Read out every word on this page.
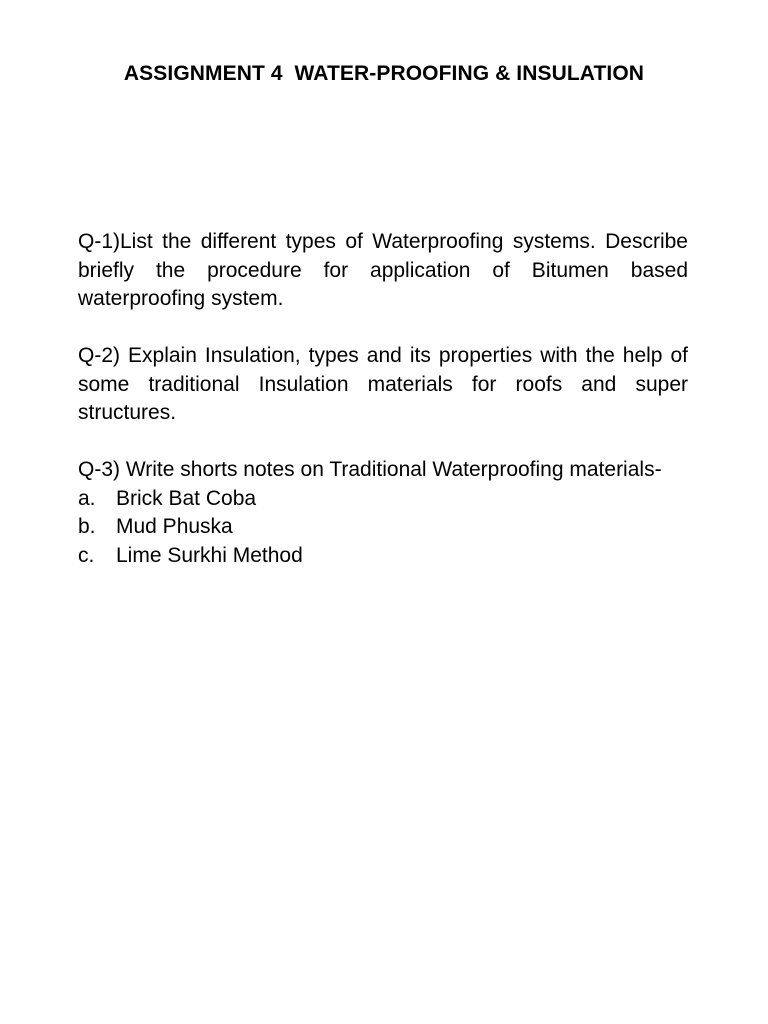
ASSIGNMENT 4  WATER-PROOFING & INSULATION

Q-1)List the different types of Waterproofing systems. Describe briefly the procedure for application of Bitumen based waterproofing system.

Q-2) Explain Insulation, types and its properties with the help of some traditional Insulation materials for roofs and super structures.

Q-3) Write shorts notes on Traditional Waterproofing materials-

a. Brick Bat Coba
b. Mud Phuska
c.	Lime Surkhi Method
